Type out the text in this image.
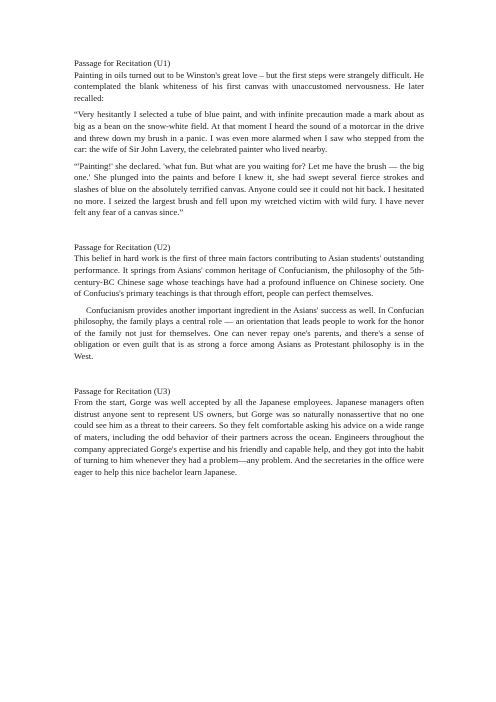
Passage for Recitation (U1)

Painting in oils turned out to be Winston's great love – but the first steps were strangely difficult. He contemplated the blank whiteness of his first canvas with unaccustomed nervousness. He later recalled:

“Very hesitantly I selected a tube of blue paint, and with infinite precaution made a mark about as big as a bean on the snow-white field. At that moment I heard the sound of a motorcar in the drive and threw down my brush in a panic. I was even more alarmed when I saw who stepped from the car: the wife of Sir John Lavery, the celebrated painter who lived nearby.

“'Painting!' she declared. 'what fun. But what are you waiting for? Let me have the brush — the big one.' She plunged into the paints and before I knew it, she had swept several fierce strokes and slashes of blue on the absolutely terrified canvas. Anyone could see it could not hit back. I hesitated no more. I seized the largest brush and fell upon my wretched victim with wild fury. I have never felt any fear of a canvas since.”

Passage for Recitation (U2)

This belief in hard work is the first of three main factors contributing to Asian students' outstanding performance. It springs from Asians' common heritage of Confucianism, the philosophy of the 5th-century-BC Chinese sage whose teachings have had a profound influence on Chinese society. One of Confucius's primary teachings is that through effort, people can perfect themselves.

Confucianism provides another important ingredient in the Asians' success as well. In Confucian philosophy, the family plays a central role — an orientation that leads people to work for the honor of the family not just for themselves. One can never repay one's parents, and there's a sense of obligation or even guilt that is as strong a force among Asians as Protestant philosophy is in the West.

Passage for Recitation (U3)

From the start, Gorge was well accepted by all the Japanese employees. Japanese managers often distrust anyone sent to represent US owners, but Gorge was so naturally nonassertive that no one could see him as a threat to their careers. So they felt comfortable asking his advice on a wide range of maters, including the odd behavior of their partners across the ocean. Engineers throughout the company appreciated Gorge's expertise and his friendly and capable help, and they got into the habit of turning to him whenever they had a problem—any problem. And the secretaries in the office were eager to help this nice bachelor learn Japanese.
